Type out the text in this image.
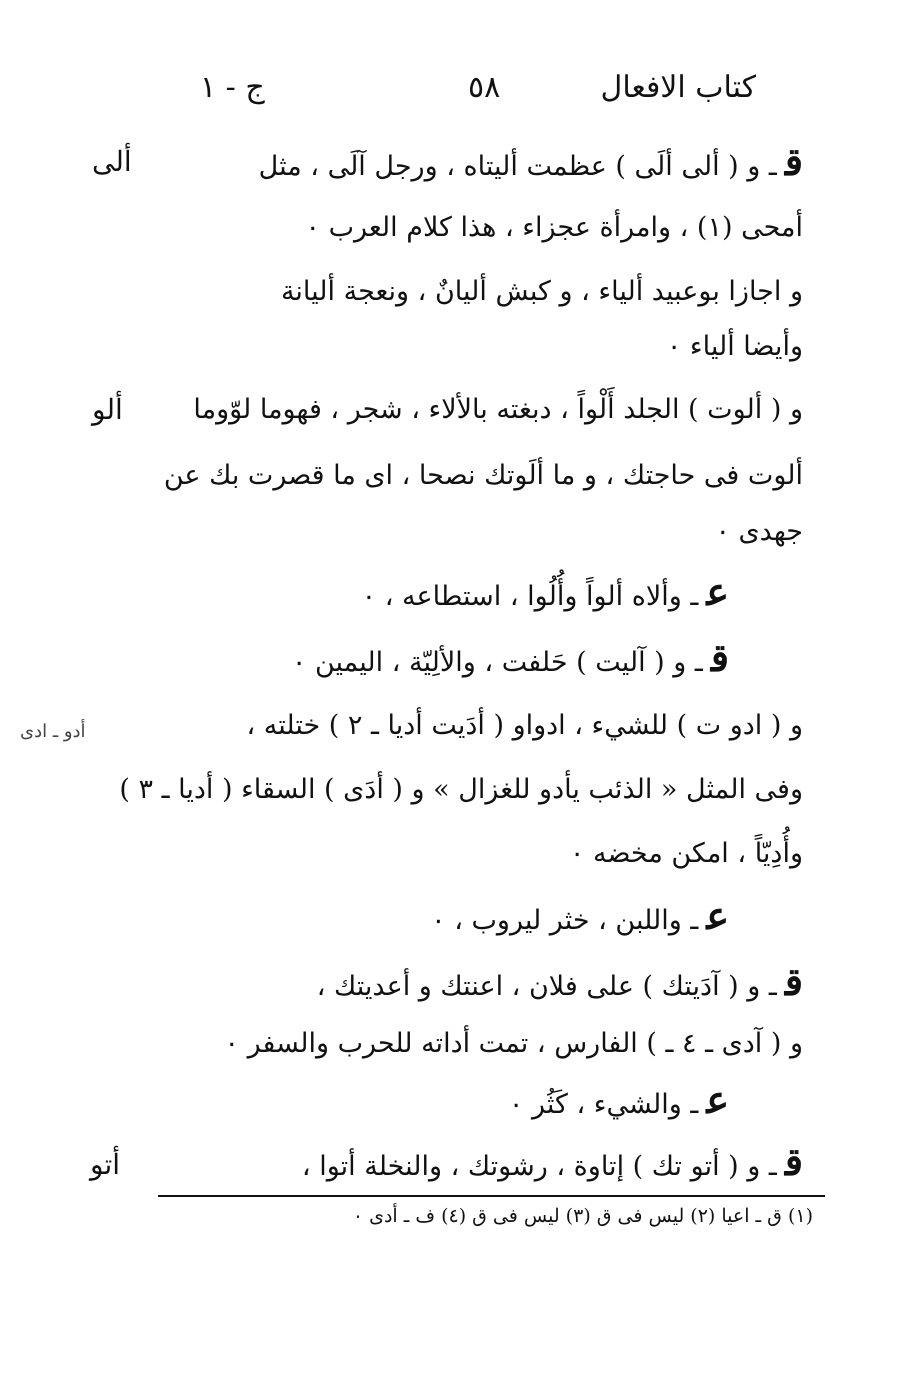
كتاب الافعال
٥٨
ج - ١
ألى
ألو
أدو ـ ادى
أتو
قـ و ( ألى ألَى ) عظمت أليتاه ، ورجل آلَى ، مثل
أمحى (١) ، وامرأة عجزاء ، هذا كلام العرب ٠
و اجازا بوعبيد ألياء ، و كبش أليانٌ ، ونعجة أليانة
وأيضا ألياء ٠
و ( ألوت ) الجلد أَلْواً ، دبغته بالألاء ، شجر ، فهوما لوّوما
ألوت فى حاجتك ، و ما ألَوتك نصحا ، اى ما قصرت بك عن
جهدى ٠
عـ وألاه ألواً وأُلُوا ، استطاعه ، ٠
قـ و ( آليت ) حَلفت ، والألِيّة ، اليمين ٠
و ( ادو ت ) للشيء ، ادواو ( أدَيت أديا ـ ٢ ) ختلته ،
وفى المثل « الذئب يأدو للغزال » و ( أدَى ) السقاء ( أديا ـ ٣ )
وأُدِيّاً ، امكن مخضه ٠
عـ واللبن ، خثر ليروب ، ٠
قـ و ( آدَيتك ) على فلان ، اعنتك و أعديتك ،
و ( آدى ـ ٤ ـ ) الفارس ، تمت أداته للحرب والسفر ٠
عـ والشيء ، كَثُر ٠
قـ و ( أتو تك ) إتاوة ، رشوتك ، والنخلة أتوا ،
(١) ق ـ اعيا (٢) ليس فى ق (٣) ليس فى ق (٤) ف ـ أدى ٠
